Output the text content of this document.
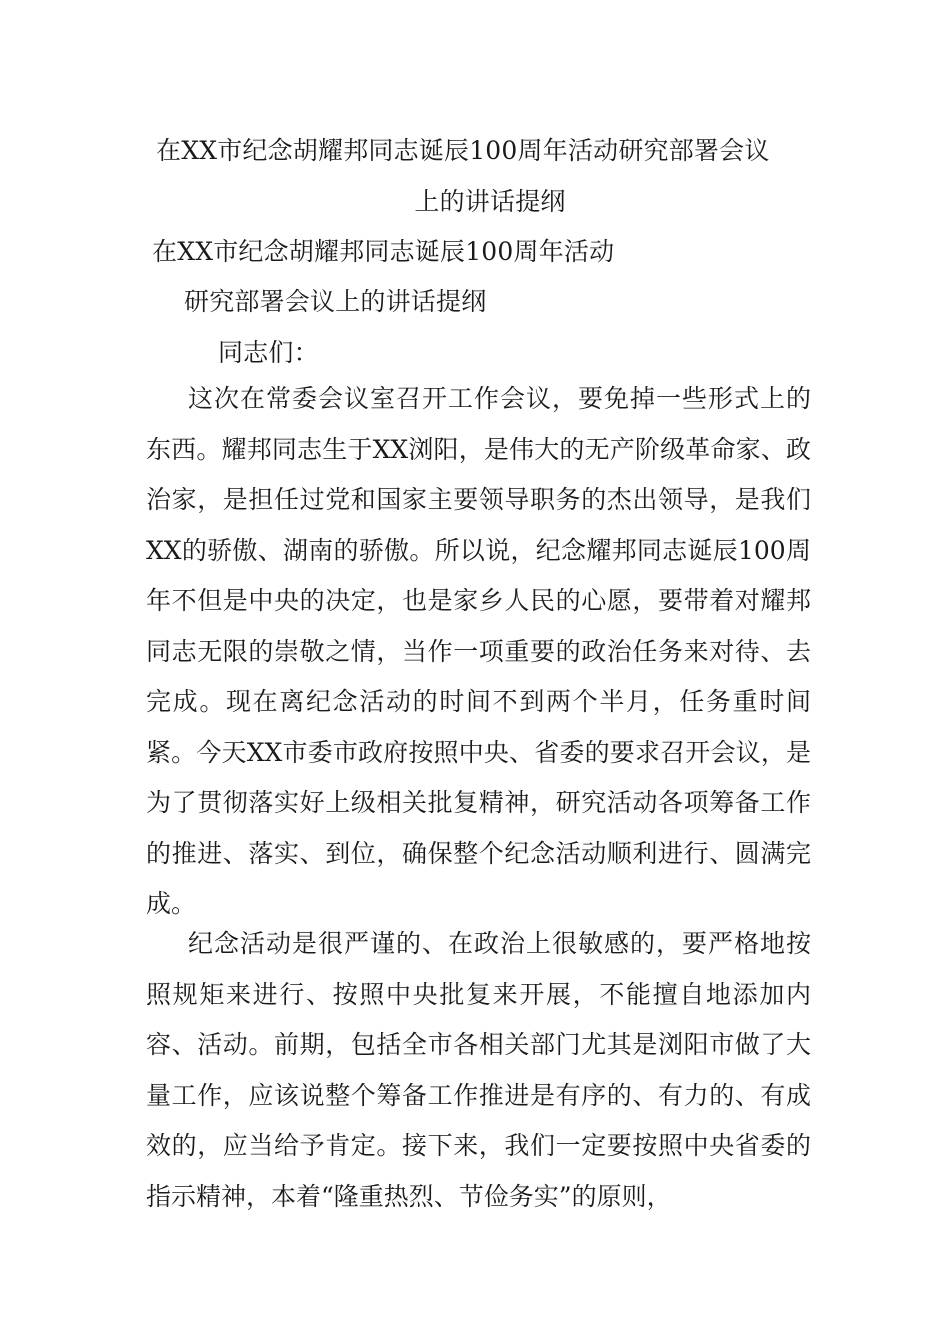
在XX市纪念胡耀邦同志诞辰100周年活动研究部署会议
上的讲话提纲
在XX市纪念胡耀邦同志诞辰100周年活动
研究部署会议上的讲话提纲
同志们：

这次在常委会议室召开工作会议，要免掉一些形式上的东西。耀邦同志生于XX浏阳，是伟大的无产阶级革命家、政治家，是担任过党和国家主要领导职务的杰出领导，是我们XX的骄傲、湖南的骄傲。所以说，纪念耀邦同志诞辰100周年不但是中央的决定，也是家乡人民的心愿，要带着对耀邦同志无限的崇敬之情，当作一项重要的政治任务来对待、去完成。现在离纪念活动的时间不到两个半月，任务重时间紧。今天XX市委市政府按照中央、省委的要求召开会议，是为了贯彻落实好上级相关批复精神，研究活动各项筹备工作的推进、落实、到位，确保整个纪念活动顺利进行、圆满完成。

纪念活动是很严谨的、在政治上很敏感的，要严格地按照规矩来进行、按照中央批复来开展，不能擅自地添加内容、活动。前期，包括全市各相关部门尤其是浏阳市做了大量工作，应该说整个筹备工作推进是有序的、有力的、有成效的，应当给予肯定。接下来，我们一定要按照中央省委的指示精神，本着“隆重热烈、节俭务实”的原则，
